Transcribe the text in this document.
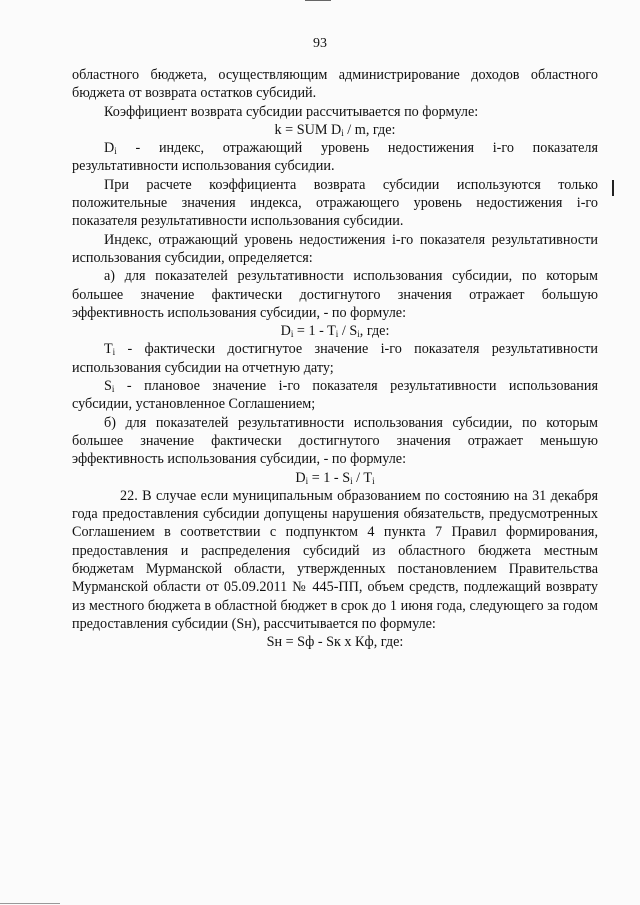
93

областного бюджета, осуществляющим администрирование доходов областного бюджета от возврата остатков субсидий.

Коэффициент возврата субсидии рассчитывается по формуле:

k = SUM $D_i$ / m, где:

$D_i$ - индекс, отражающий уровень недостижения i-го показателя результативности использования субсидии.

При расчете коэффициента возврата субсидии используются только положительные значения индекса, отражающего уровень недостижения i-го показателя результативности использования субсидии.

Индекс, отражающий уровень недостижения i-го показателя результативности использования субсидии, определяется:

а) для показателей результативности использования субсидии, по которым большее значение фактически достигнутого значения отражает большую эффективность использования субсидии, - по формуле:

$D_i = 1 - T_i / S_i$, где:

$T_i$ - фактически достигнутое значение i-го показателя результативности использования субсидии на отчетную дату;

$S_i$ - плановое значение i-го показателя результативности использования субсидии, установленное Соглашением;

б) для показателей результативности использования субсидии, по которым большее значение фактически достигнутого значения отражает меньшую эффективность использования субсидии, - по формуле:

$D_i = 1 - S_i / T_i$

22. В случае если муниципальным образованием по состоянию на 31 декабря года предоставления субсидии допущены нарушения обязательств, предусмотренных Соглашением в соответствии с подпунктом 4 пункта 7 Правил формирования, предоставления и распределения субсидий из областного бюджета местным бюджетам Мурманской области, утвержденных постановлением Правительства Мурманской области от 05.09.2011 № 445-ПП, объем средств, подлежащий возврату из местного бюджета в областной бюджет в срок до 1 июня года, следующего за годом предоставления субсидии (Sн), рассчитывается по формуле:

Sн = Sф - Sк x Кф, где:
